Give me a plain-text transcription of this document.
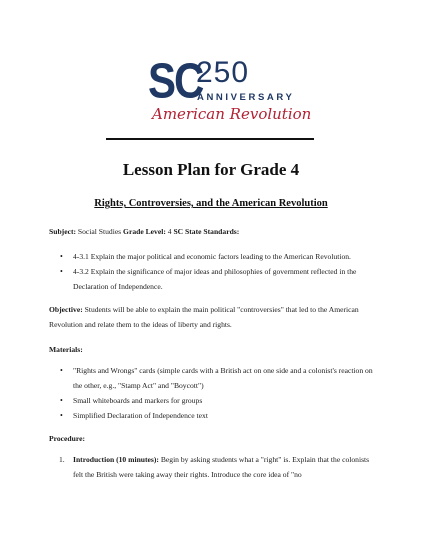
SC
250
ANNIVERSARY
American Revolution
Lesson Plan for Grade 4
Rights, Controversies, and the American Revolution

Subject: Social Studies Grade Level: 4 SC State Standards:

• 4-3.1 Explain the major political and economic factors leading to the American Revolution.
• 4-3.2 Explain the significance of major ideas and philosophies of government reflected in the Declaration of Independence.

Objective: Students will be able to explain the main political "controversies" that led to the American Revolution and relate them to the ideas of liberty and rights.

Materials:

• "Rights and Wrongs" cards (simple cards with a British act on one side and a colonist's reaction on the other, e.g., "Stamp Act" and "Boycott")
• Small whiteboards and markers for groups
• Simplified Declaration of Independence text

Procedure:

1. Introduction (10 minutes): Begin by asking students what a "right" is. Explain that the colonists felt the British were taking away their rights. Introduce the core idea of "no
